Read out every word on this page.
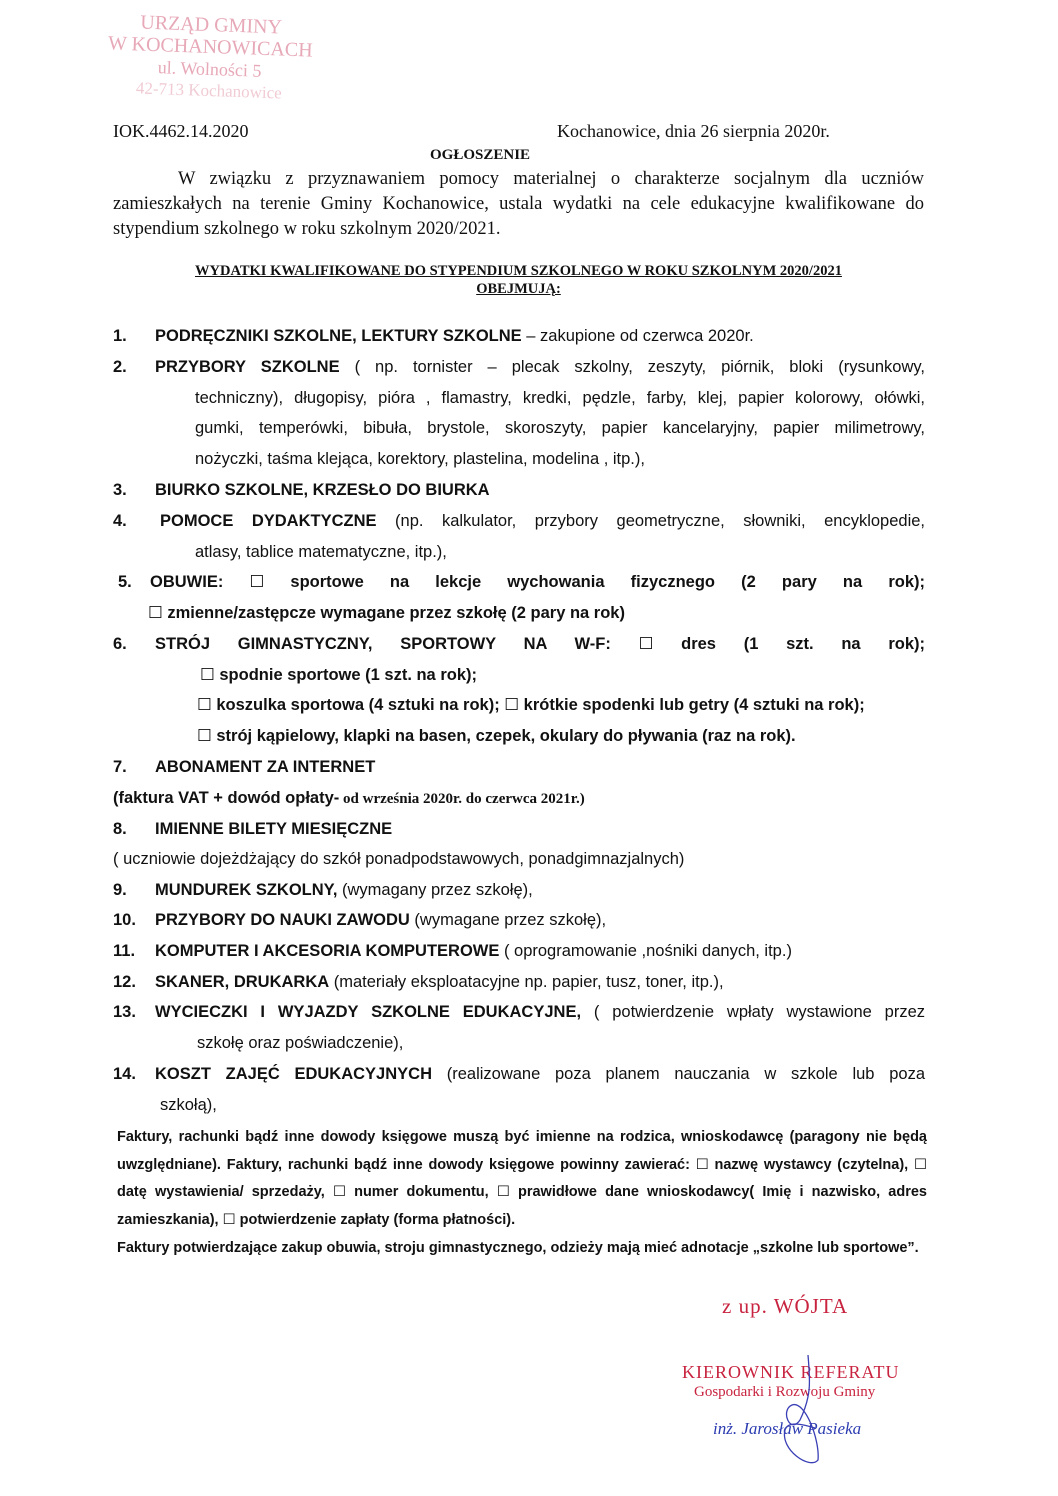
URZĄD GMINY
W KOCHANOWICACH
ul. Wolności 5
42-713 Kochanowice
IOK.4462.14.2020	Kochanowice, dnia 26 sierpnia 2020r.
OGŁOSZENIE
W związku z przyznawaniem pomocy materialnej o charakterze socjalnym dla uczniów zamieszkałych na terenie Gminy Kochanowice, ustala wydatki na cele edukacyjne kwalifikowane do stypendium szkolnego w roku szkolnym 2020/2021.
WYDATKI KWALIFIKOWANE DO STYPENDIUM SZKOLNEGO W ROKU SZKOLNYM 2020/2021
OBEJMUJĄ:
1. PODRĘCZNIKI SZKOLNE, LEKTURY SZKOLNE – zakupione od czerwca 2020r.
2. PRZYBORY SZKOLNE ( np. tornister – plecak szkolny, zeszyty, piórnik, bloki (rysunkowy,
techniczny), długopisy, pióra , flamastry, kredki, pędzle, farby, klej, papier kolorowy, ołówki,
gumki, temperówki, bibuła, brystole, skoroszyty, papier kancelaryjny, papier milimetrowy,
nożyczki, taśma klejąca, korektory, plastelina, modelina , itp.),
3. BIURKO SZKOLNE, KRZESŁO DO BIURKA
4. POMOCE DYDAKTYCZNE (np. kalkulator, przybory geometryczne, słowniki, encyklopedie,
atlasy, tablice matematyczne, itp.),
5. OBUWIE: ☐ sportowe na lekcje wychowania fizycznego (2 pary na rok);
☐ zmienne/zastępcze wymagane przez szkołę (2 pary na rok)
6. STRÓJ GIMNASTYCZNY, SPORTOWY NA W-F: ☐ dres (1 szt. na rok);
☐ spodnie sportowe (1 szt. na rok);
☐ koszulka sportowa (4 sztuki na rok); ☐ krótkie spodenki lub getry (4 sztuki na rok);
☐ strój kąpielowy, klapki na basen, czepek, okulary do pływania (raz na rok).
7. ABONAMENT ZA INTERNET
(faktura VAT + dowód opłaty- od września 2020r. do czerwca 2021r.)
8. IMIENNE BILETY MIESIĘCZNE
( uczniowie dojeżdżający do szkół ponadpodstawowych, ponadgimnazjalnych)
9. MUNDUREK SZKOLNY, (wymagany przez szkołę),
10. PRZYBORY DO NAUKI ZAWODU (wymagane przez szkołę),
11. KOMPUTER I AKCESORIA KOMPUTEROWE ( oprogramowanie ,nośniki danych, itp.)
12. SKANER, DRUKARKA (materiały eksploatacyjne np. papier, tusz, toner, itp.),
13. WYCIECZKI I WYJAZDY SZKOLNE EDUKACYJNE, ( potwierdzenie wpłaty wystawione przez
szkołę oraz poświadczenie),
14. KOSZT ZAJĘĆ EDUKACYJNYCH (realizowane poza planem nauczania w szkole lub poza
szkołą),
Faktury, rachunki bądź inne dowody księgowe muszą być imienne na rodzica, wnioskodawcę (paragony nie będą uwzględniane). Faktury, rachunki bądź inne dowody księgowe powinny zawierać: ☐ nazwę wystawcy (czytelna), ☐ datę wystawienia/ sprzedaży, ☐ numer dokumentu, ☐ prawidłowe dane wnioskodawcy( Imię i nazwisko, adres zamieszkania), ☐ potwierdzenie zapłaty (forma płatności).
Faktury potwierdzające zakup obuwia, stroju gimnastycznego, odzieży mają mieć adnotacje „szkolne lub sportowe”.
z up. WÓJTA
KIEROWNIK REFERATU
Gospodarki i Rozwoju Gminy
inż. Jarosław Pasieka
